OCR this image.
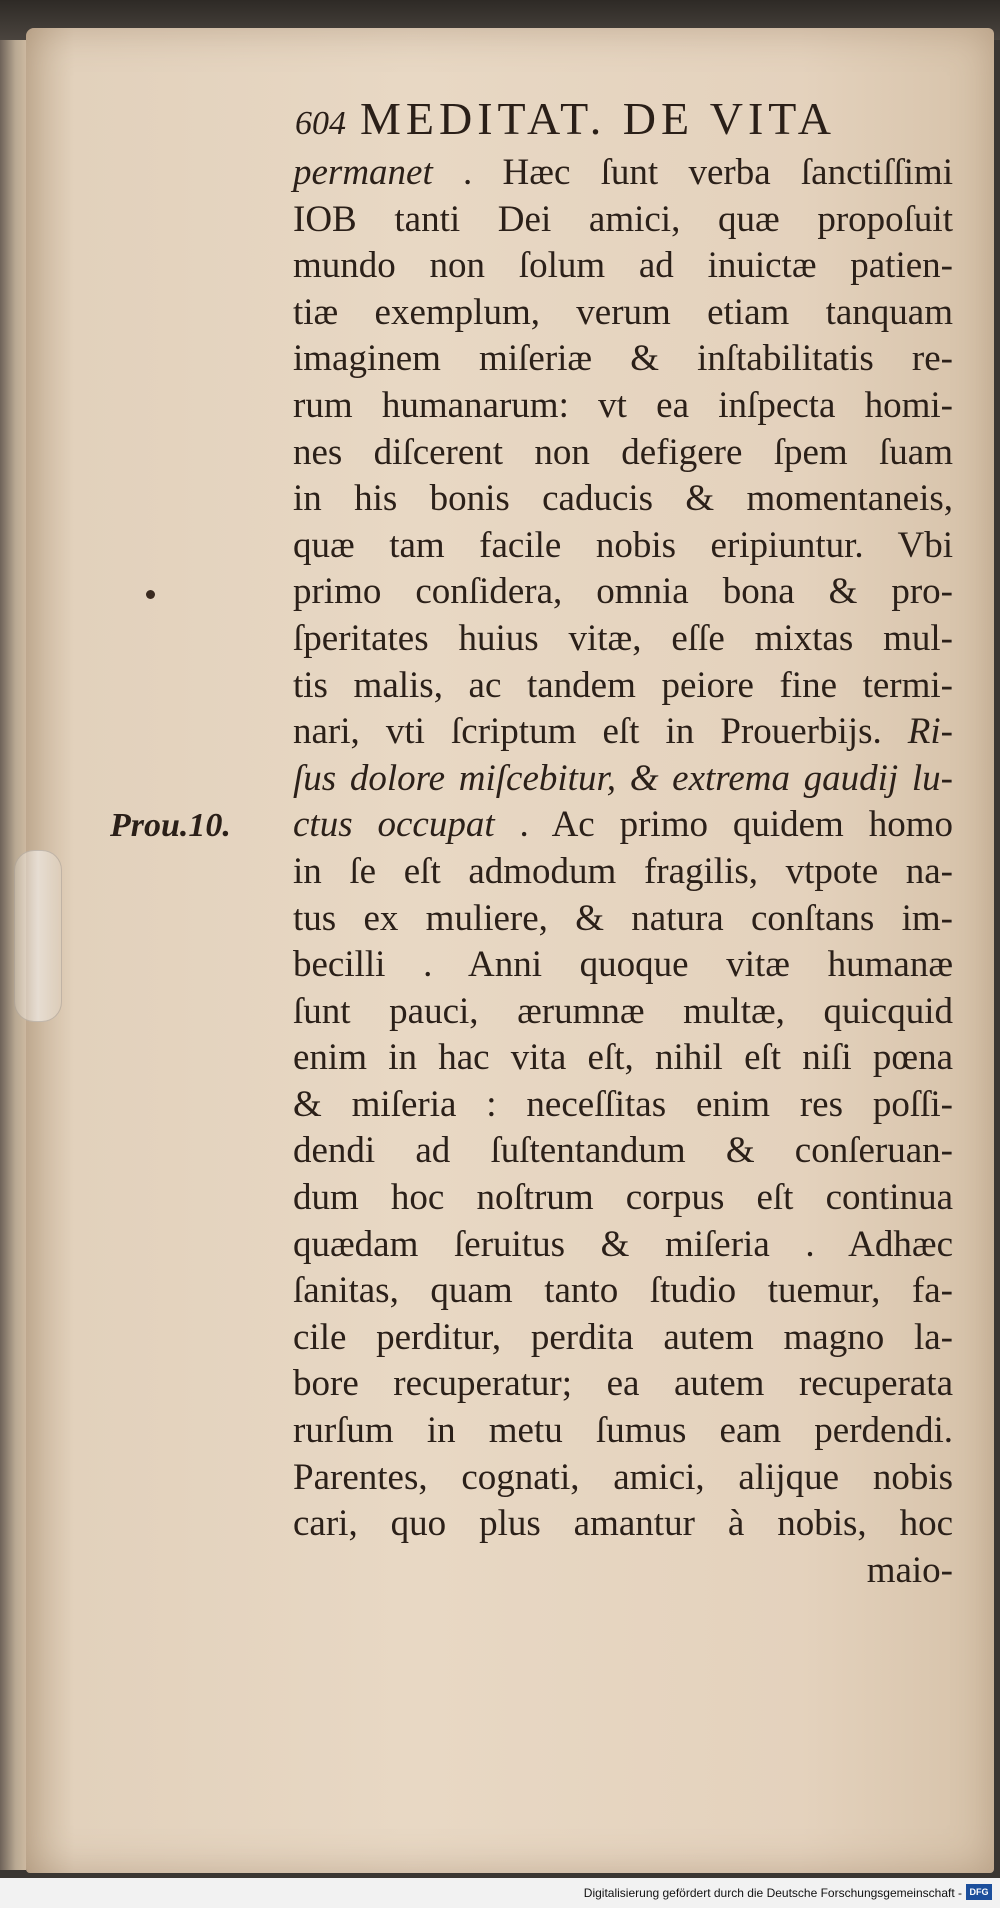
604 MEDITAT. DE VITA
Prou.10.
permanet . Hæc ſunt verba ſanctiſſimi
IOB tanti Dei amici, quæ propoſuit
mundo non ſolum ad inuictæ patien-
tiæ exemplum, verum etiam tanquam
imaginem miſeriæ & inſtabilitatis re-
rum humanarum: vt ea inſpecta homi-
nes diſcerent non defigere ſpem ſuam
in his bonis caducis & momentaneis,
quæ tam facile nobis eripiuntur. Vbi
primo conſidera, omnia bona & pro-
ſperitates huius vitæ, eſſe mixtas mul-
tis malis, ac tandem peiore fine termi-
nari, vti ſcriptum eſt in Prouerbijs. Ri-
ſus dolore miſcebitur, & extrema gaudij lu-
ctus occupat . Ac primo quidem homo
in ſe eſt admodum fragilis, vtpote na-
tus ex muliere, & natura conſtans im-
becilli . Anni quoque vitæ humanæ
ſunt pauci, ærumnæ multæ, quicquid
enim in hac vita eſt, nihil eſt niſi pœna
& miſeria : neceſſitas enim res poſſi-
dendi ad ſuſtentandum & conſeruan-
dum hoc noſtrum corpus eſt continua
quædam ſeruitus & miſeria . Adhæc
ſanitas, quam tanto ſtudio tuemur, fa-
cile perditur, perdita autem magno la-
bore recuperatur; ea autem recuperata
rurſum in metu ſumus eam perdendi.
Parentes, cognati, amici, alijque nobis
cari, quo plus amantur à nobis, hoc
maio-
Digitalisierung gefördert durch die Deutsche Forschungsgemeinschaft - DFG
